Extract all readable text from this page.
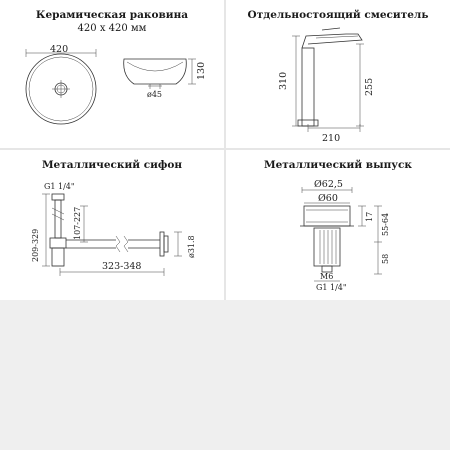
Керамическая раковина
420 x 420 мм
420
ø45
130
Отдельностоящий смеситель
310	255
210
Металлический сифон
G1 1/4"
209-329
107-227
ø31.8
323-348
Металлический выпуск
Ø62,5
Ø60
M6
G1 1/4"
17 55-64
58
